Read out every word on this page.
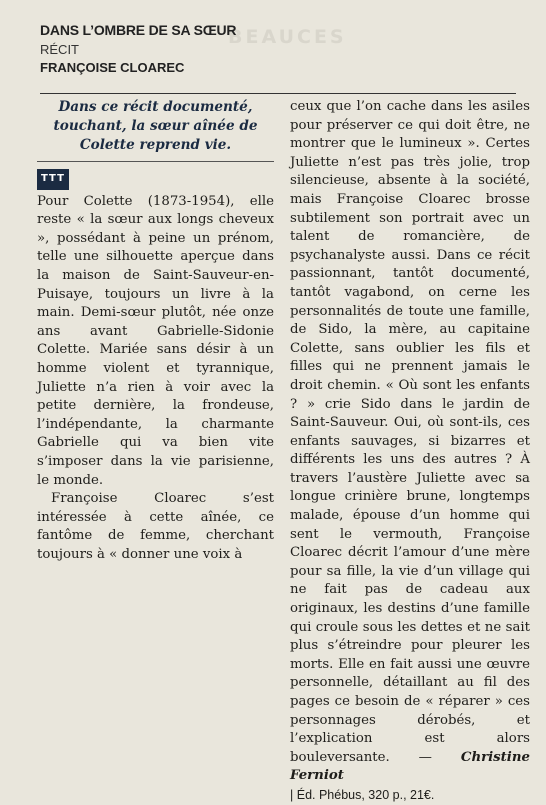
BEAUCES
DANS L’OMBRE DE SA SŒUR
RÉCIT
FRANÇOISE CLOAREC
Dans ce récit documenté, touchant, la sœur aînée de Colette reprend vie.
TTT

Pour Colette (1873-1954), elle reste « la sœur aux longs cheveux », possédant à peine un prénom, telle une silhouette aperçue dans la maison de Saint-Sauveur-en-Puisaye, toujours un livre à la main. Demi-sœur plutôt, née onze ans avant Gabrielle-Sidonie Colette. Mariée sans désir à un homme violent et tyrannique, Juliette n’a rien à voir avec la petite dernière, la frondeuse, l’indépendante, la charmante Gabrielle qui va bien vite s’imposer dans la vie parisienne, le monde.

Françoise Cloarec s’est intéressée à cette aînée, ce fantôme de femme, cherchant toujours à « donner une voix à

ceux que l’on cache dans les asiles pour préserver ce qui doit être, ne montrer que le lumineux ». Certes Juliette n’est pas très jolie, trop silencieuse, absente à la société, mais Françoise Cloarec brosse subtilement son portrait avec un talent de romancière, de psychanalyste aussi. Dans ce récit passionnant, tantôt documenté, tantôt vagabond, on cerne les personnalités de toute une famille, de Sido, la mère, au capitaine Colette, sans oublier les fils et filles qui ne prennent jamais le droit chemin. « Où sont les enfants ? » crie Sido dans le jardin de Saint-Sauveur. Oui, où sont-ils, ces enfants sauvages, si bizarres et différents les uns des autres ? À travers l’austère Juliette avec sa longue crinière brune, longtemps malade, épouse d’un homme qui sent le vermouth, Françoise Cloarec décrit l’amour d’une mère pour sa fille, la vie d’un village qui ne fait pas de cadeau aux originaux, les destins d’une famille qui croule sous les dettes et ne sait plus s’étreindre pour pleurer les morts. Elle en fait aussi une œuvre personnelle, détaillant au fil des pages ce besoin de « réparer » ces personnages dérobés, et l’explication est alors bouleversante. — Christine Ferniot

| Éd. Phébus, 320 p., 21€.
